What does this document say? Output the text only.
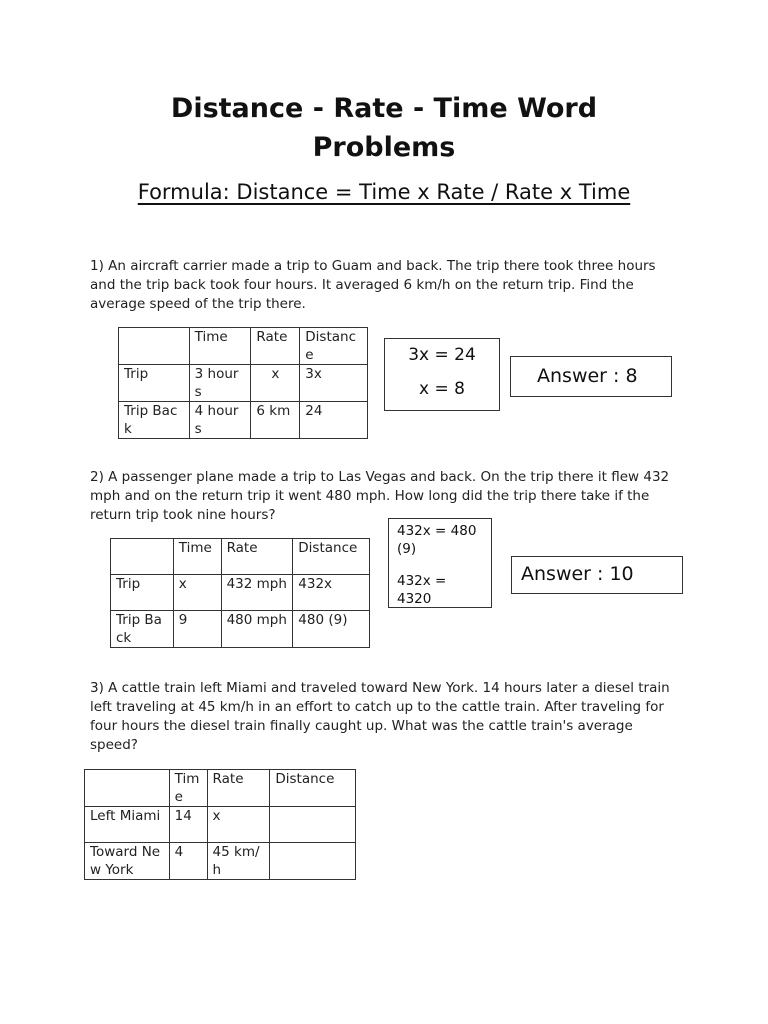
Distance - Rate - Time Word
Problems
Formula: Distance = Time x Rate / Rate x Time
1) An aircraft carrier made a trip to Guam and back. The trip there took three hours and the trip back took four hours. It averaged 6 km/h on the return trip. Find the average speed of the trip there.
	Time	Rate	Distance
Trip	3 hours	x	3x
Trip Back	4 hours	6 km	24
3x = 24
x = 8
Answer : 8
2) A passenger plane made a trip to Las Vegas and back. On the trip there it flew 432 mph and on the return trip it went 480 mph. How long did the trip there take if the return trip took nine hours?
	Time	Rate	Distance
Trip	x	432 mph	432x
Trip Back	9	480 mph	480 (9)
432x = 480 (9)
432x = 4320
Answer : 10
3) A cattle train left Miami and traveled toward New York. 14 hours later a diesel train left traveling at 45 km/h in an effort to catch up to the cattle train. After traveling for four hours the diesel train finally caught up. What was the cattle train's average speed?
	Time	Rate	Distance
Left Miami	14	x	
Toward New York	4	45 km/h	
